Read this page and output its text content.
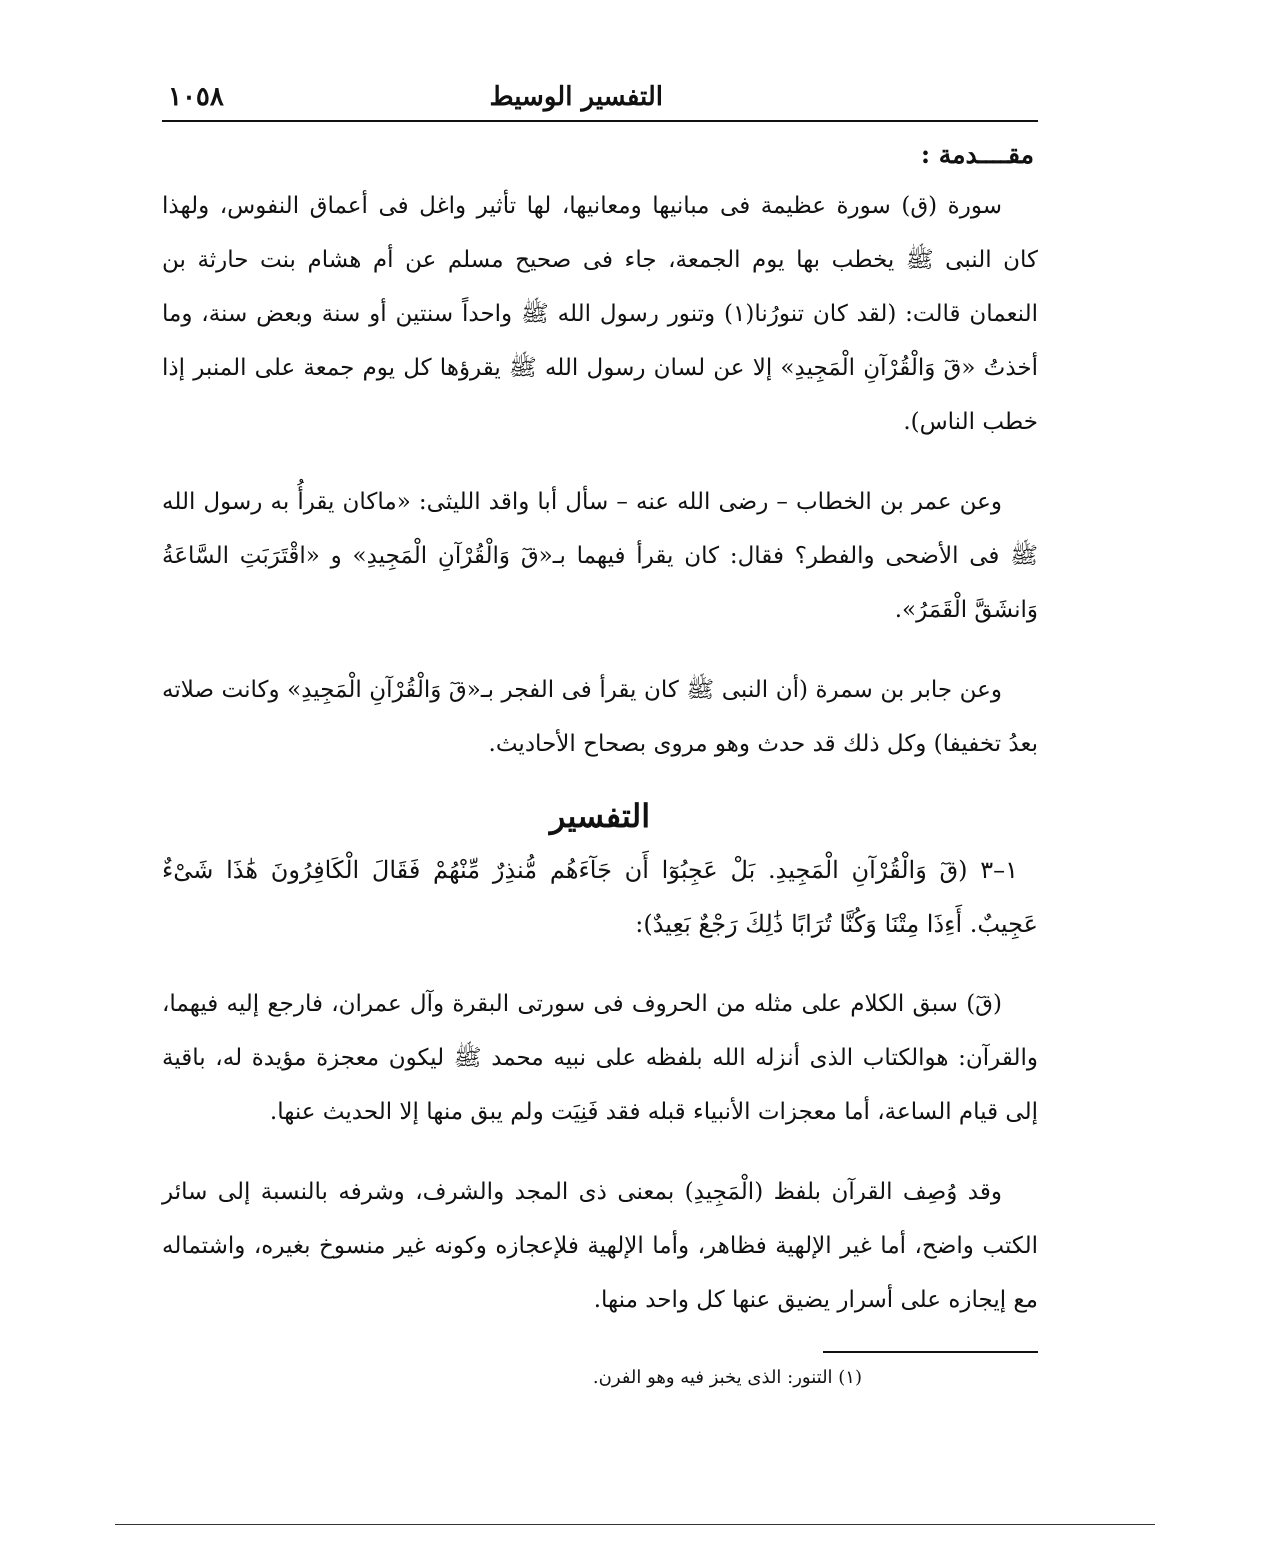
التفسير الوسيط
١٠٥٨
مقــــدمة :

سورة (ق) سورة عظيمة فى مبانيها ومعانيها، لها تأثير واغل فى أعماق النفوس، ولهذا كان النبى ﷺ يخطب بها يوم الجمعة، جاء فى صحيح مسلم عن أم هشام بنت حارثة بن النعمان قالت: (لقد كان تنورُنا(١) وتنور رسول الله ﷺ واحداً سنتين أو سنة وبعض سنة، وما أخذتُ «قٓ وَالْقُرْآنِ الْمَجِيدِ» إلا عن لسان رسول الله ﷺ يقرؤها كل يوم جمعة على المنبر إذا خطب الناس).

وعن عمر بن الخطاب – رضى الله عنه – سأل أبا واقد الليثى: «ماكان يقرأُ به رسول الله ﷺ فى الأضحى والفطر؟ فقال: كان يقرأ فيهما بـ«قٓ وَالْقُرْآنِ الْمَجِيدِ» و «اقْتَرَبَتِ السَّاعَةُ وَانشَقَّ الْقَمَرُ».

وعن جابر بن سمرة (أن النبى ﷺ كان يقرأ فى الفجر بـ«قٓ وَالْقُرْآنِ الْمَجِيدِ» وكانت صلاته بعدُ تخفيفا) وكل ذلك قد حدث وهو مروى بصحاح الأحاديث.

التفسير

١–٣ (قٓ وَالْقُرْآنِ الْمَجِيدِ. بَلْ عَجِبُوٓا أَن جَآءَهُم مُّنذِرٌ مِّنْهُمْ فَقَالَ الْكَافِرُونَ هَٰذَا شَىْءٌ عَجِيبٌ. أَءِذَا مِتْنَا وَكُنَّا تُرَابًا ذَٰلِكَ رَجْعٌ بَعِيدٌ):

(قٓ) سبق الكلام على مثله من الحروف فى سورتى البقرة وآل عمران، فارجع إليه فيهما، والقرآن: هوالكتاب الذى أنزله الله بلفظه على نبيه محمد ﷺ ليكون معجزة مؤيدة له، باقية إلى قيام الساعة، أما معجزات الأنبياء قبله فقد فَنِيَت ولم يبق منها إلا الحديث عنها.

وقد وُصِف القرآن بلفظ (الْمَجِيدِ) بمعنى ذى المجد والشرف، وشرفه بالنسبة إلى سائر الكتب واضح، أما غير الإلهية فظاهر، وأما الإلهية فلإعجازه وكونه غير منسوخ بغيره، واشتماله مع إيجازه على أسرار يضيق عنها كل واحد منها.

(١) التنور: الذى يخبز فيه وهو الفرن.
